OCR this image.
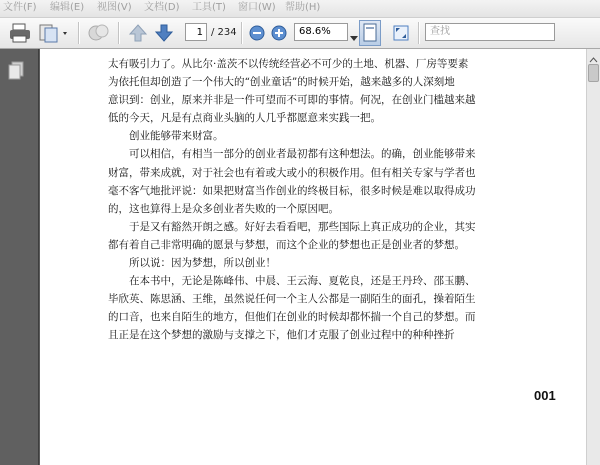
文件(F) 编辑(E) 视图(V) 文档(D) 工具(T) 窗口(W) 帮助(H)
1 / 234	68.6%	查找
太有吸引力了。从比尔·盖茨不以传统经营必不可少的土地、机器、厂房等要素
为依托但却创造了一个伟大的“创业童话”的时候开始，越来越多的人深刻地
意识到：创业，原来并非是一件可望而不可即的事情。何况，在创业门槛越来越
低的今天，凡是有点商业头脑的人几乎都愿意来实践一把。
　　创业能够带来财富。
　　可以相信，有相当一部分的创业者最初都有这种想法。的确，创业能够带来
财富，带来成就，对于社会也有着或大或小的积极作用。但有相关专家与学者也
毫不客气地批评说：如果把财富当作创业的终极目标，很多时候是难以取得成功
的，这也算得上是众多创业者失败的一个原因吧。
　　于是又有豁然开朗之感。好好去看看吧，那些国际上真正成功的企业，其实
都有着自己非常明确的愿景与梦想，而这个企业的梦想也正是创业者的梦想。
　　所以说：因为梦想，所以创业！
　　在本书中，无论是陈峰伟、中晨、王云海、夏乾良，还是王丹玲、邵玉鹏、
毕欣英、陈思涵、王维，虽然说任何一个主人公都是一副陌生的面孔，操着陌生
的口音，也来自陌生的地方，但他们在创业的时候却都怀揣一个自己的梦想。而
且正是在这个梦想的激励与支撑之下，他们才克服了创业过程中的种种挫折
001
